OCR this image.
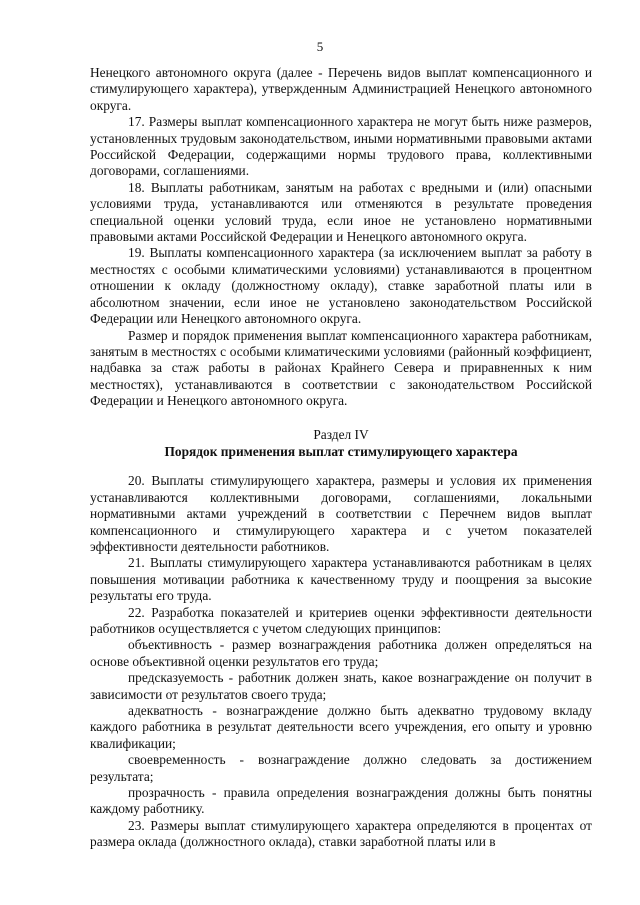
5

Ненецкого автономного округа (далее - Перечень видов выплат компенсационного и стимулирующего характера), утвержденным Администрацией Ненецкого автономного округа.

17. Размеры выплат компенсационного характера не могут быть ниже размеров, установленных трудовым законодательством, иными нормативными правовыми актами Российской Федерации, содержащими нормы трудового права, коллективными договорами, соглашениями.

18. Выплаты работникам, занятым на работах с вредными и (или) опасными условиями труда, устанавливаются или отменяются в результате проведения специальной оценки условий труда, если иное не установлено нормативными правовыми актами Российской Федерации и Ненецкого автономного округа.

19. Выплаты компенсационного характера (за исключением выплат за работу в местностях с особыми климатическими условиями) устанавливаются в процентном отношении к окладу (должностному окладу), ставке заработной платы или в абсолютном значении, если иное не установлено законодательством Российской Федерации или Ненецкого автономного округа.

Размер и порядок применения выплат компенсационного характера работникам, занятым в местностях с особыми климатическими условиями (районный коэффициент, надбавка за стаж работы в районах Крайнего Севера и приравненных к ним местностях), устанавливаются в соответствии с законодательством Российской Федерации и Ненецкого автономного округа.

Раздел IV

Порядок применения выплат стимулирующего характера

20. Выплаты стимулирующего характера, размеры и условия их применения устанавливаются коллективными договорами, соглашениями, локальными нормативными актами учреждений в соответствии с Перечнем видов выплат компенсационного и стимулирующего характера и с учетом показателей эффективности деятельности работников.

21. Выплаты стимулирующего характера устанавливаются работникам в целях повышения мотивации работника к качественному труду и поощрения за высокие результаты его труда.

22. Разработка показателей и критериев оценки эффективности деятельности работников осуществляется с учетом следующих принципов:

объективность - размер вознаграждения работника должен определяться на основе объективной оценки результатов его труда;

предсказуемость - работник должен знать, какое вознаграждение он получит в зависимости от результатов своего труда;

адекватность - вознаграждение должно быть адекватно трудовому вкладу каждого работника в результат деятельности всего учреждения, его опыту и уровню квалификации;

своевременность - вознаграждение должно следовать за достижением результата;

прозрачность - правила определения вознаграждения должны быть понятны каждому работнику.

23. Размеры выплат стимулирующего характера определяются в процентах от размера оклада (должностного оклада), ставки заработной платы или в
